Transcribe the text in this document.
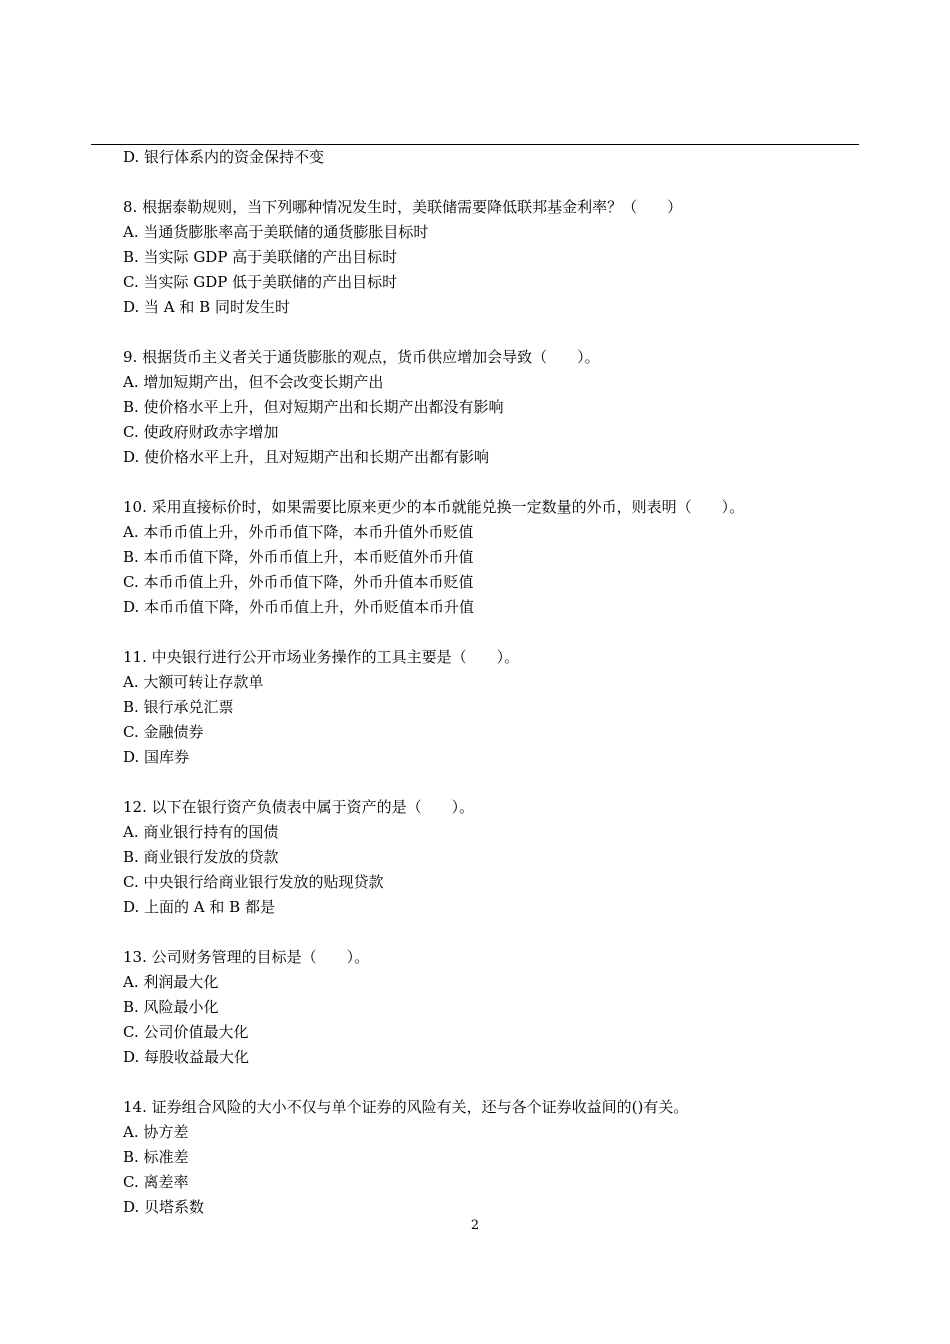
D. 银行体系内的资金保持不变
8. 根据泰勒规则，当下列哪种情况发生时，美联储需要降低联邦基金利率？（　　）
A. 当通货膨胀率高于美联储的通货膨胀目标时
B. 当实际 GDP 高于美联储的产出目标时
C. 当实际 GDP 低于美联储的产出目标时
D. 当 A 和 B 同时发生时
9. 根据货币主义者关于通货膨胀的观点，货币供应增加会导致（　　）。
A. 增加短期产出，但不会改变长期产出
B. 使价格水平上升，但对短期产出和长期产出都没有影响
C. 使政府财政赤字增加
D. 使价格水平上升，且对短期产出和长期产出都有影响
10. 采用直接标价时，如果需要比原来更少的本币就能兑换一定数量的外币，则表明（　　）。
A. 本币币值上升，外币币值下降，本币升值外币贬值
B. 本币币值下降，外币币值上升，本币贬值外币升值
C. 本币币值上升，外币币值下降，外币升值本币贬值
D. 本币币值下降，外币币值上升，外币贬值本币升值
11. 中央银行进行公开市场业务操作的工具主要是（　　）。
A. 大额可转让存款单
B. 银行承兑汇票
C. 金融债券
D. 国库券
12. 以下在银行资产负债表中属于资产的是（　　）。
A. 商业银行持有的国债
B. 商业银行发放的贷款
C. 中央银行给商业银行发放的贴现贷款
D. 上面的 A 和 B 都是
13. 公司财务管理的目标是（　　）。
A. 利润最大化
B. 风险最小化
C. 公司价值最大化
D. 每股收益最大化
14. 证券组合风险的大小不仅与单个证券的风险有关，还与各个证券收益间的()有关。
A. 协方差
B. 标准差
C. 离差率
D. 贝塔系数
2
